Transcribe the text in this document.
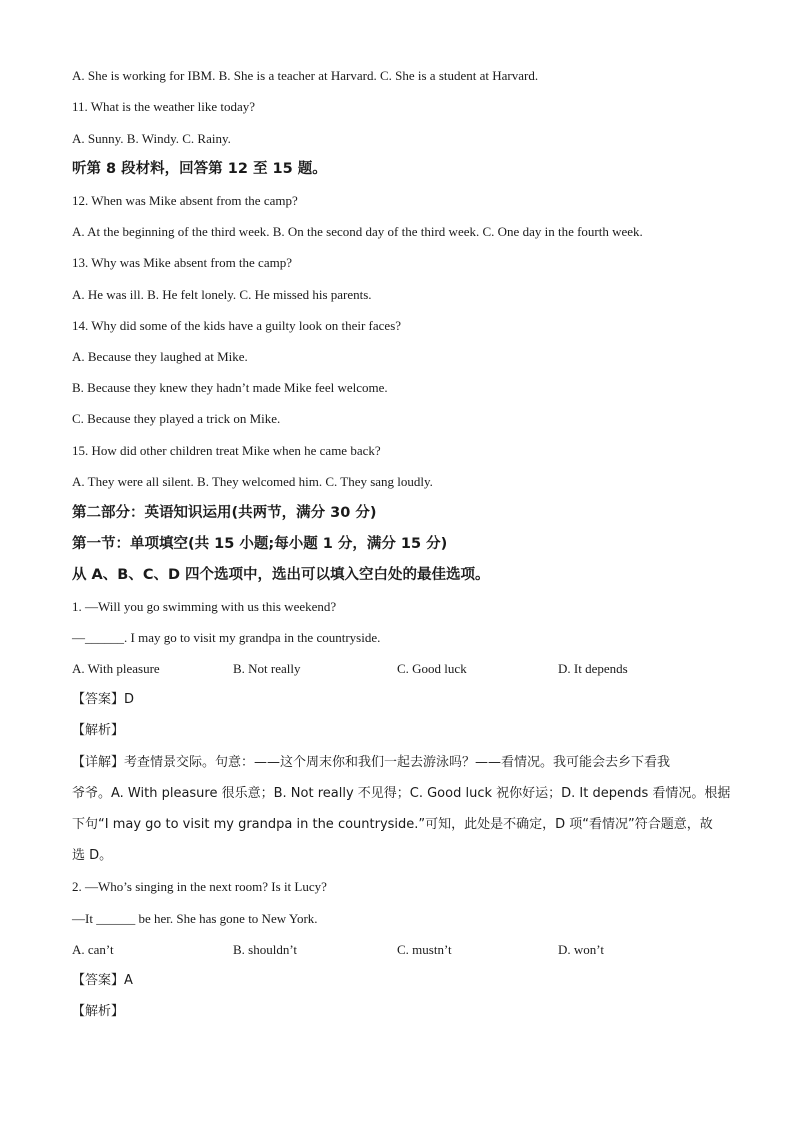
A. She is working for IBM. B. She is a teacher at Harvard. C. She is a student at Harvard.
11. What is the weather like today?
A. Sunny. B. Windy. C. Rainy.
听第 8 段材料，回答第 12 至 15 题。
12. When was Mike absent from the camp?
A. At the beginning of the third week. B. On the second day of the third week. C. One day in the fourth week.
13. Why was Mike absent from the camp?
A. He was ill. B. He felt lonely. C. He missed his parents.
14. Why did some of the kids have a guilty look on their faces?
A. Because they laughed at Mike.
B. Because they knew they hadn’t made Mike feel welcome.
C. Because they played a trick on Mike.
15. How did other children treat Mike when he came back?
A. They were all silent. B. They welcomed him. C. They sang loudly.
第二部分：英语知识运用(共两节，满分 30 分)
第一节：单项填空(共 15 小题;每小题 1 分，满分 15 分)
从 A、B、C、D 四个选项中，选出可以填入空白处的最佳选项。
1. —Will you go swimming with us this weekend?
—______. I may go to visit my grandpa in the countryside.
A. With pleasure	B. Not really	C. Good luck	D. It depends
【答案】D
【解析】
【详解】考查情景交际。句意：——这个周末你和我们一起去游泳吗？——看情况。我可能会去乡下看我
爷爷。A. With pleasure 很乐意；B. Not really 不见得；C. Good luck 祝你好运；D. It depends 看情况。根据
下句“I may go to visit my grandpa in the countryside.”可知，此处是不确定，D 项“看情况”符合题意，故
选 D。
2. —Who’s singing in the next room? Is it Lucy?
—It ______ be her. She has gone to New York.
A. can’t	B. shouldn’t	C. mustn’t	D. won’t
【答案】A
【解析】
